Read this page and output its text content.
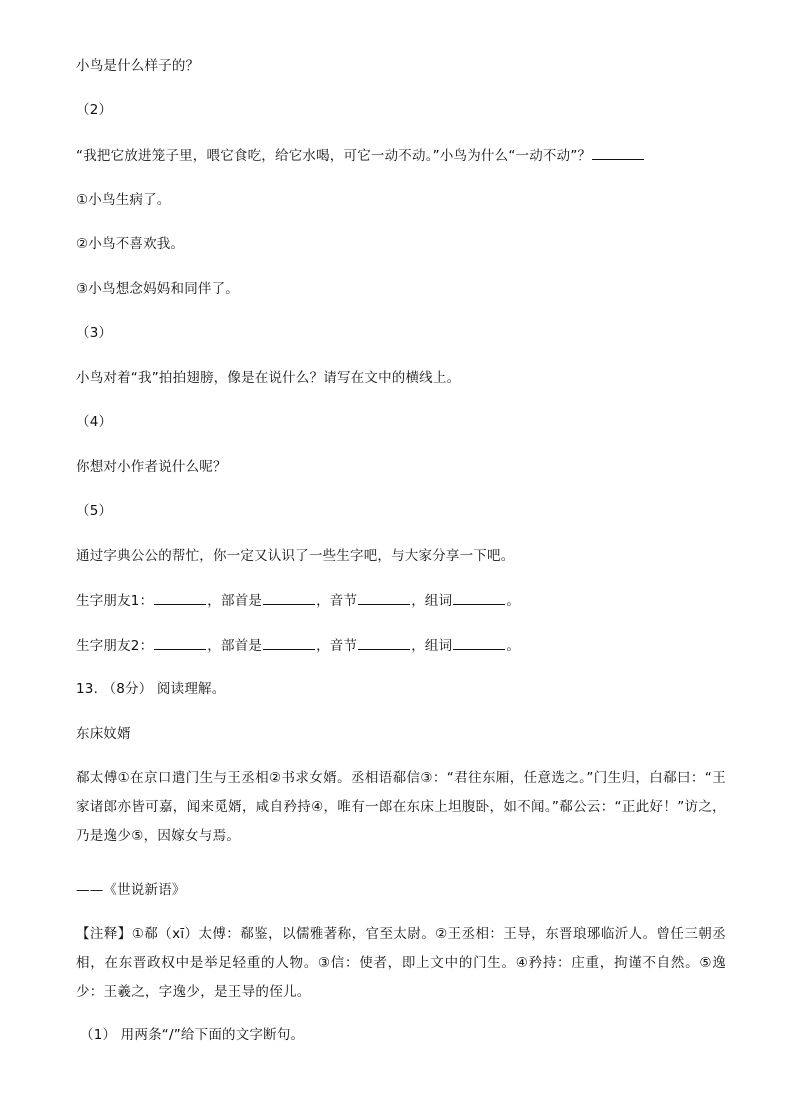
小鸟是什么样子的？
（2）
“我把它放进笼子里，喂它食吃，给它水喝，可它一动不动。”小鸟为什么“一动不动”？
①小鸟生病了。
②小鸟不喜欢我。
③小鸟想念妈妈和同伴了。
（3）
小鸟对着“我”拍拍翅膀，像是在说什么？请写在文中的横线上。
（4）
你想对小作者说什么呢？
（5）
通过字典公公的帮忙，你一定又认识了一些生字吧，与大家分享一下吧。
生字朋友1：	，部首是	，音节	，组词	。
生字朋友2：	，部首是	，音节	，组词	。
13. （8分） 阅读理解。
东床妏婿
郗太傅①在京口遣门生与王丞相②书求女婿。丞相语郗信③：“君往东厢，任意选之。”门生归，白郗曰：“王家诸郎亦皆可嘉，闻来觅婿，咸自矜持④，唯有一郎在东床上坦腹卧，如不闻。”郗公云：“正此好！”访之，乃是逸少⑤，因嫁女与焉。
——《世说新语》
【注释】①郗（xī）太傅：郗鉴，以儒雅著称，官至太尉。②王丞相：王导，东晋琅琊临沂人。曾任三朝丞相，在东晋政权中是举足轻重的人物。③信：使者，即上文中的门生。④矜持：庄重，拘谨不自然。⑤逸少：王羲之，字逸少，是王导的侄儿。
（1） 用两条“/”给下面的文字断句。
